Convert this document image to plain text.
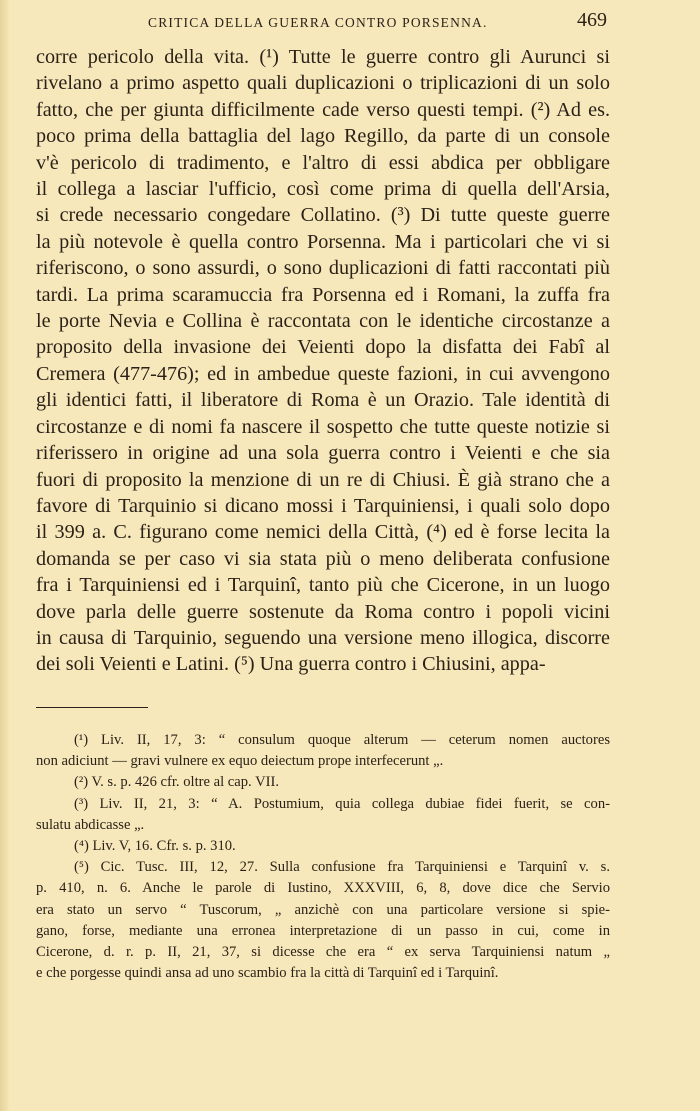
CRITICA DELLA GUERRA CONTRO PORSENNA.	469
corre pericolo della vita. (¹) Tutte le guerre contro gli Aurunci si
rivelano a primo aspetto quali duplicazioni o triplicazioni di un solo
fatto, che per giunta difficilmente cade verso questi tempi. (²) Ad es.
poco prima della battaglia del lago Regillo, da parte di un console
v'è pericolo di tradimento, e l'altro di essi abdica per obbligare
il collega a lasciar l'ufficio, così come prima di quella dell'Arsia,
si crede necessario congedare Collatino. (³) Di tutte queste guerre
la più notevole è quella contro Porsenna. Ma i particolari che vi si
riferiscono, o sono assurdi, o sono duplicazioni di fatti raccontati più
tardi. La prima scaramuccia fra Porsenna ed i Romani, la zuffa fra
le porte Nevia e Collina è raccontata con le identiche circostanze a
proposito della invasione dei Veienti dopo la disfatta dei Fabî al
Cremera (477-476); ed in ambedue queste fazioni, in cui avvengono
gli identici fatti, il liberatore di Roma è un Orazio. Tale identità di
circostanze e di nomi fa nascere il sospetto che tutte queste notizie si
riferissero in origine ad una sola guerra contro i Veienti e che sia
fuori di proposito la menzione di un re di Chiusi. È già strano che a
favore di Tarquinio si dicano mossi i Tarquiniensi, i quali solo dopo
il 399 a. C. figurano come nemici della Città, (⁴) ed è forse lecita la
domanda se per caso vi sia stata più o meno deliberata confusione
fra i Tarquiniensi ed i Tarquinî, tanto più che Cicerone, in un luogo
dove parla delle guerre sostenute da Roma contro i popoli vicini
in causa di Tarquinio, seguendo una versione meno illogica, discorre
dei soli Veienti e Latini. (⁵) Una guerra contro i Chiusini, appa-
(¹) Liv. II, 17, 3: “ consulum quoque alterum — ceterum nomen auctores
non adiciunt — gravi vulnere ex equo deiectum prope interfecerunt „.
(²) V. s. p. 426 cfr. oltre al cap. VII.
(³) Liv. II, 21, 3: “ A. Postumium, quia collega dubiae fidei fuerit, se con-
sulatu abdicasse „.
(⁴) Liv. V, 16. Cfr. s. p. 310.
(⁵) Cic. Tusc. III, 12, 27. Sulla confusione fra Tarquiniensi e Tarquinî v. s.
p. 410, n. 6. Anche le parole di Iustino, XXXVIII, 6, 8, dove dice che Servio
era stato un servo “ Tuscorum, „ anzichè con una particolare versione si spie-
gano, forse, mediante una erronea interpretazione di un passo in cui, come in
Cicerone, d. r. p. II, 21, 37, si dicesse che era “ ex serva Tarquiniensi natum „
e che porgesse quindi ansa ad uno scambio fra la città di Tarquinî ed i Tarquinî.
